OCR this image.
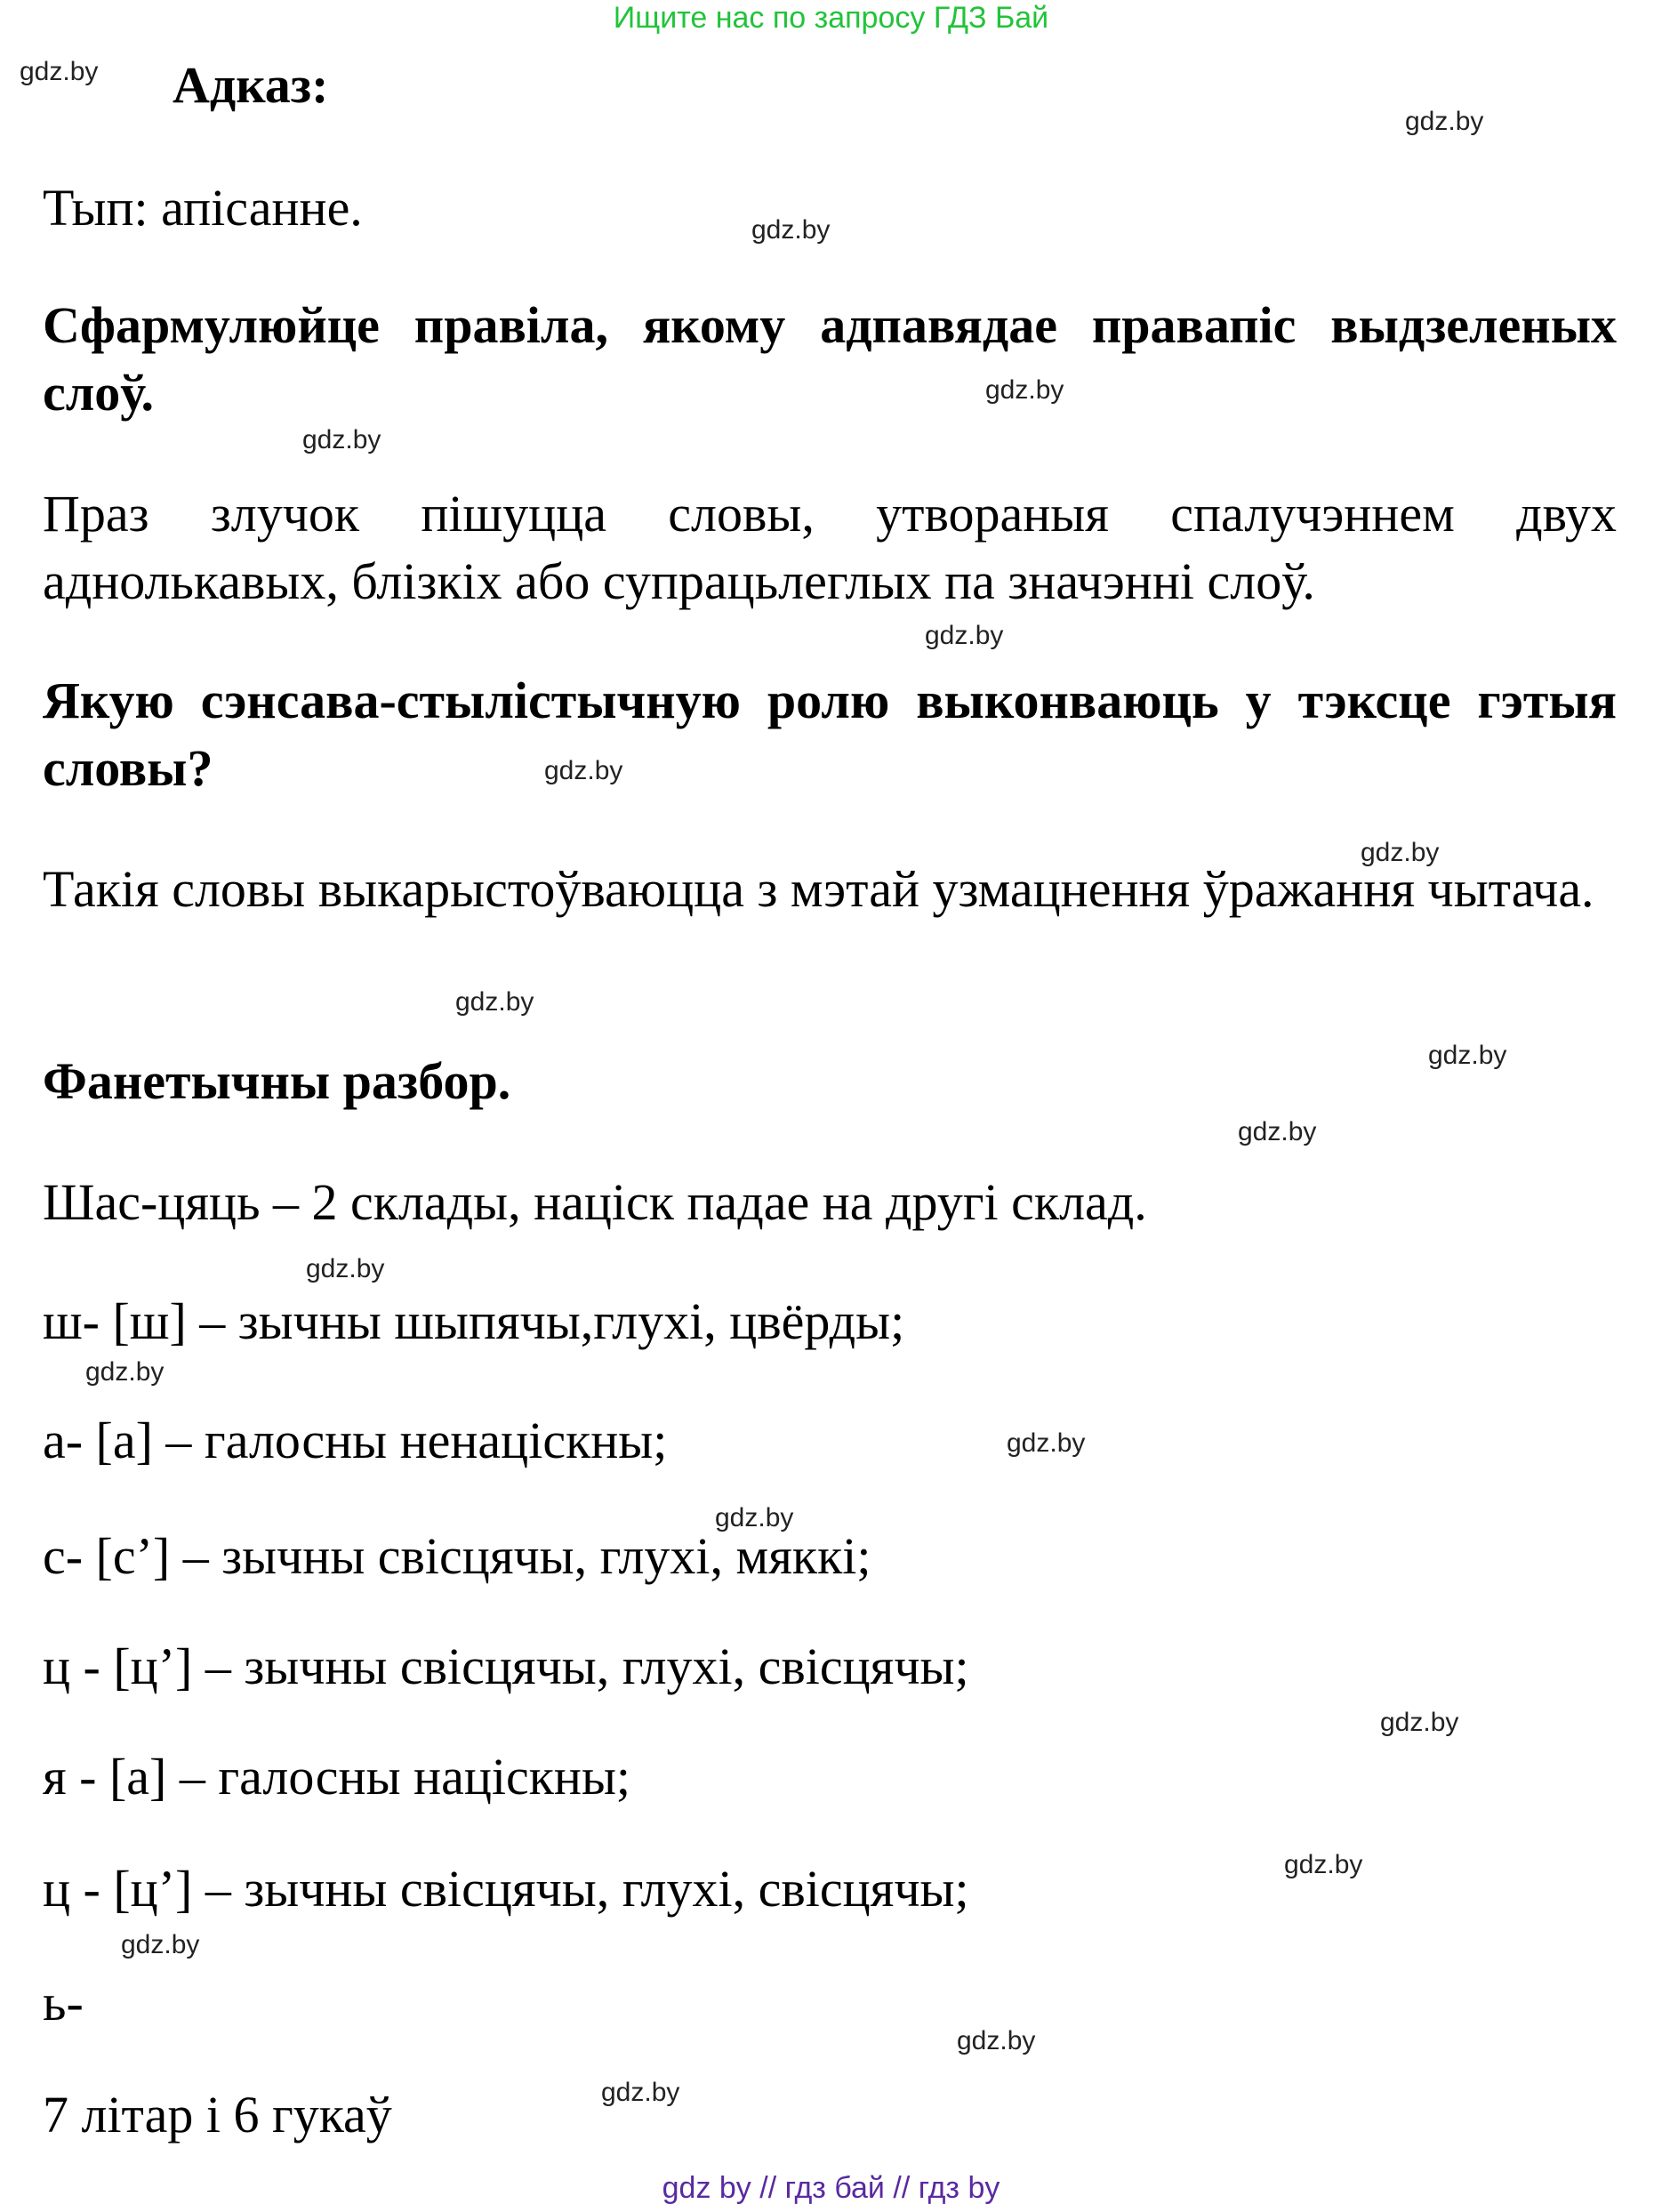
Ищите нас по запросу ГДЗ Бай
gdz.by
gdz.by
gdz.by
gdz.by
gdz.by
gdz.by
gdz.by
gdz.by
gdz.by
gdz.by
gdz.by
gdz.by
gdz.by
gdz.by
gdz.by
gdz.by
gdz.by
gdz.by
gdz.by
gdz.by
Адказ:
Тып: апісанне.
Сфармулюйце правіла, якому адпавядае правапіс выдзеленых слоў.
Праз злучок пішуцца словы, утвораныя спалучэннем двух аднолькавых, блізкіх або супрацьлеглых па значэнні слоў.
Якую сэнсава-стылістычную ролю выконваюць у тэксце гэтыя словы?
Такія словы выкарыстоўваюцца з мэтай узмацнення ўражання чытача.
Фанетычны разбор.
Шас-цяць – 2 склады, націск падае на другі склад.
ш- [ш] – зычны шыпячы,глухі, цвёрды;
а- [а] – галосны ненаціскны;
с- [с’] – зычны свісцячы, глухі, мяккі;
ц - [ц’] – зычны свісцячы, глухі, свісцячы;
я - [а] – галосны націскны;
ц - [ц’] – зычны свісцячы, глухі, свісцячы;
ь-
7 літар і 6 гукаў
gdz by // гдз бай // гдз by
